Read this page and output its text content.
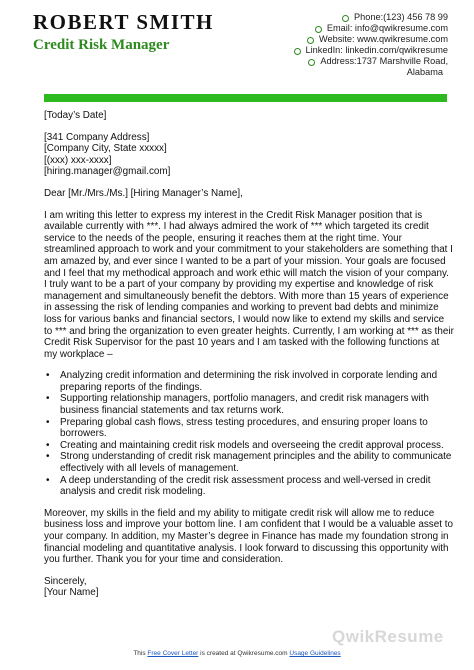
ROBERT SMITH
Credit Risk Manager
Phone:(123) 456 78 99
Email: info@qwikresume.com
Website: www.qwikresume.com
LinkedIn: linkedin.com/qwikresume
Address:1737 Marshville Road,
Alabama

[Today’s Date]

[341 Company Address]

[Company City, State xxxxx]

[(xxx) xxx-xxxx]

[hiring.manager@gmail.com]

Dear [Mr./Mrs./Ms.] [Hiring Manager’s Name],

I am writing this letter to express my interest in the Credit Risk Manager position that is available currently with ***. I had always admired the work of *** which targeted its credit service to the needs of the people, ensuring it reaches them at the right time. Your streamlined approach to work and your commitment to your stakeholders are something that I am amazed by, and ever since I wanted to be a part of your mission. Your goals are focused and I feel that my methodical approach and work ethic will match the vision of your company. I truly want to be a part of your company by providing my expertise and knowledge of risk management and simultaneously benefit the debtors. With more than 15 years of experience in assessing the risk of lending companies and working to prevent bad debts and minimize loss for various banks and financial sectors, I would now like to extend my skills and service to *** and bring the organization to even greater heights. Currently, I am working at *** as their Credit Risk Supervisor for the past 10 years and I am tasked with the following functions at my workplace –

• Analyzing credit information and determining the risk involved in corporate lending and preparing reports of the findings.
• Supporting relationship managers, portfolio managers, and credit risk managers with business financial statements and tax returns work.
• Preparing global cash flows, stress testing procedures, and ensuring proper loans to borrowers.
• Creating and maintaining credit risk models and overseeing the credit approval process.
• Strong understanding of credit risk management principles and the ability to communicate effectively with all levels of management.
• A deep understanding of the credit risk assessment process and well-versed in credit analysis and credit risk modeling.

Moreover, my skills in the field and my ability to mitigate credit risk will allow me to reduce business loss and improve your bottom line. I am confident that I would be a valuable asset to your company. In addition, my Master’s degree in Finance has made my foundation strong in financial modeling and quantitative analysis. I look forward to discussing this opportunity with you further. Thank you for your time and consideration.

Sincerely,

[Your Name]

QwikResume
This Free Cover Letter is created at Qwikresume.com Usage Guidelines
